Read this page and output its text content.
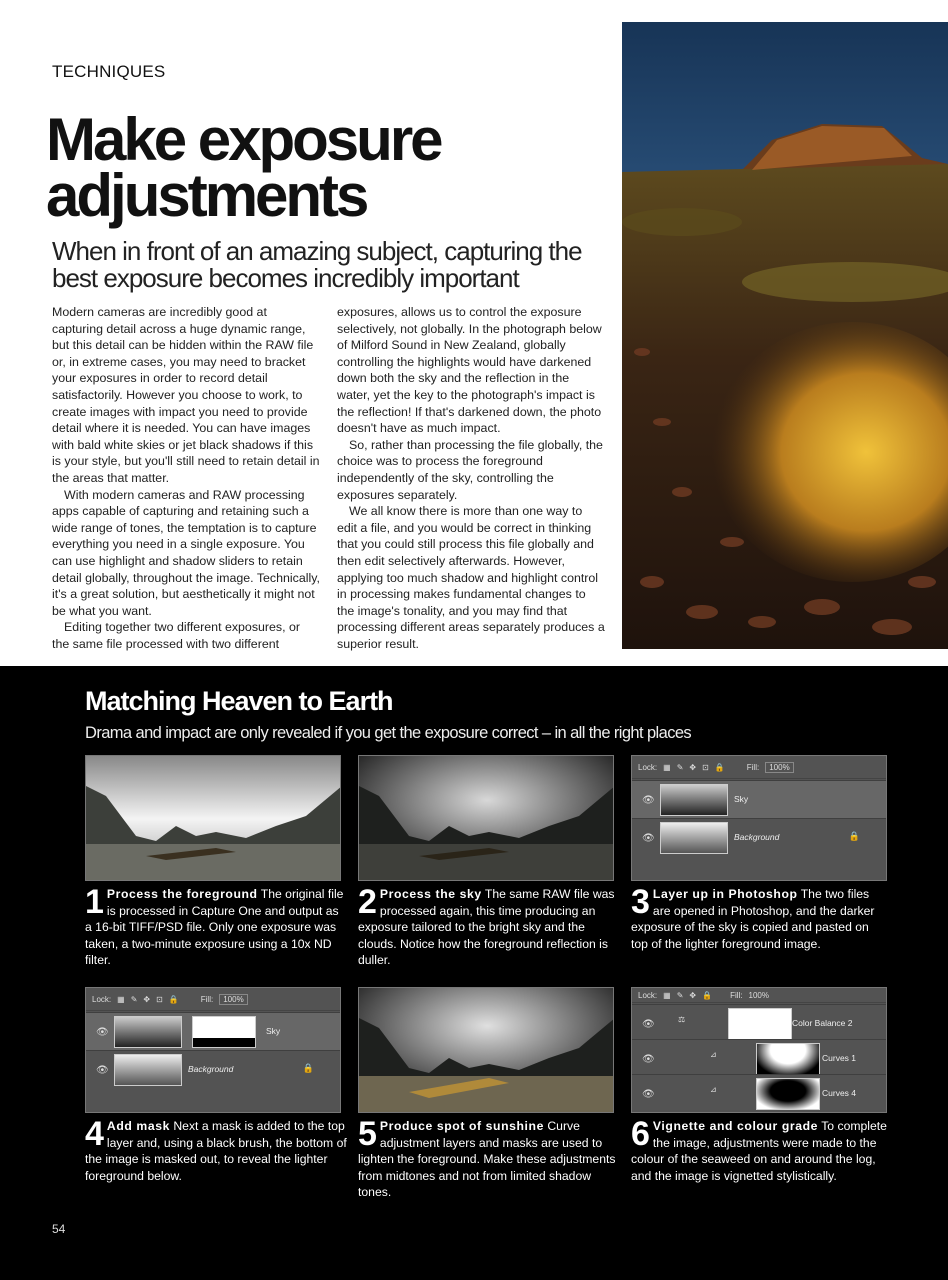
TECHNIQUES
Make exposure adjustments
When in front of an amazing subject, capturing the best exposure becomes incredibly important

Modern cameras are incredibly good at capturing detail across a huge dynamic range, but this detail can be hidden within the RAW file or, in extreme cases, you may need to bracket your exposures in order to record detail satisfactorily. However you choose to work, to create images with impact you need to provide detail where it is needed. You can have images with bald white skies or jet black shadows if this is your style, but you'll still need to retain detail in the areas that matter.

With modern cameras and RAW processing apps capable of capturing and retaining such a wide range of tones, the temptation is to capture everything you need in a single exposure. You can use highlight and shadow sliders to retain detail globally, throughout the image. Technically, it's a great solution, but aesthetically it might not be what you want.

Editing together two different exposures, or the same file processed with two different

exposures, allows us to control the exposure selectively, not globally. In the photograph below of Milford Sound in New Zealand, globally controlling the highlights would have darkened down both the sky and the reflection in the water, yet the key to the photograph's impact is the reflection! If that's darkened down, the photo doesn't have as much impact.

So, rather than processing the file globally, the choice was to process the foreground independently of the sky, controlling the exposures separately.

We all know there is more than one way to edit a file, and you would be correct in thinking that you could still process this file globally and then edit selectively afterwards. However, applying too much shadow and highlight control in processing makes fundamental changes to the image's tonality, and you may find that processing different areas separately produces a superior result.

Matching Heaven to Earth
Drama and impact are only revealed if you get the exposure correct – in all the right places
Lock: ▦ ✎ ✥ ⊡ 🔒	Fill:	100%
👁	Sky
👁	Background	🔒
1 Process the foreground The original file is processed in Capture One and output as a 16-bit TIFF/PSD file. Only one exposure was taken, a two-minute exposure using a 10x ND filter.
2 Process the sky The same RAW file was processed again, this time producing an exposure tailored to the bright sky and the clouds. Notice how the foreground reflection is duller.
3 Layer up in Photoshop The two files are opened in Photoshop, and the darker exposure of the sky is copied and pasted on top of the lighter foreground image.
Lock: ▦ ✎ ✥ ⊡ 🔒	Fill:	100%
👁	Sky
👁	Background	🔒
Lock: ▦ ✎ ✥ 🔒 Fill: 100%
👁	⚖	Color Balance 2
👁	⊿	Curves 1
👁	⊿	Curves 4
4 Add mask Next a mask is added to the top layer and, using a black brush, the bottom of the image is masked out, to reveal the lighter foreground below.
5 Produce spot of sunshine Curve adjustment layers and masks are used to lighten the foreground. Make these adjustments from midtones and not from limited shadow tones.
6 Vignette and colour grade To complete the image, adjustments were made to the colour of the seaweed on and around the log, and the image is vignetted stylistically.
54
